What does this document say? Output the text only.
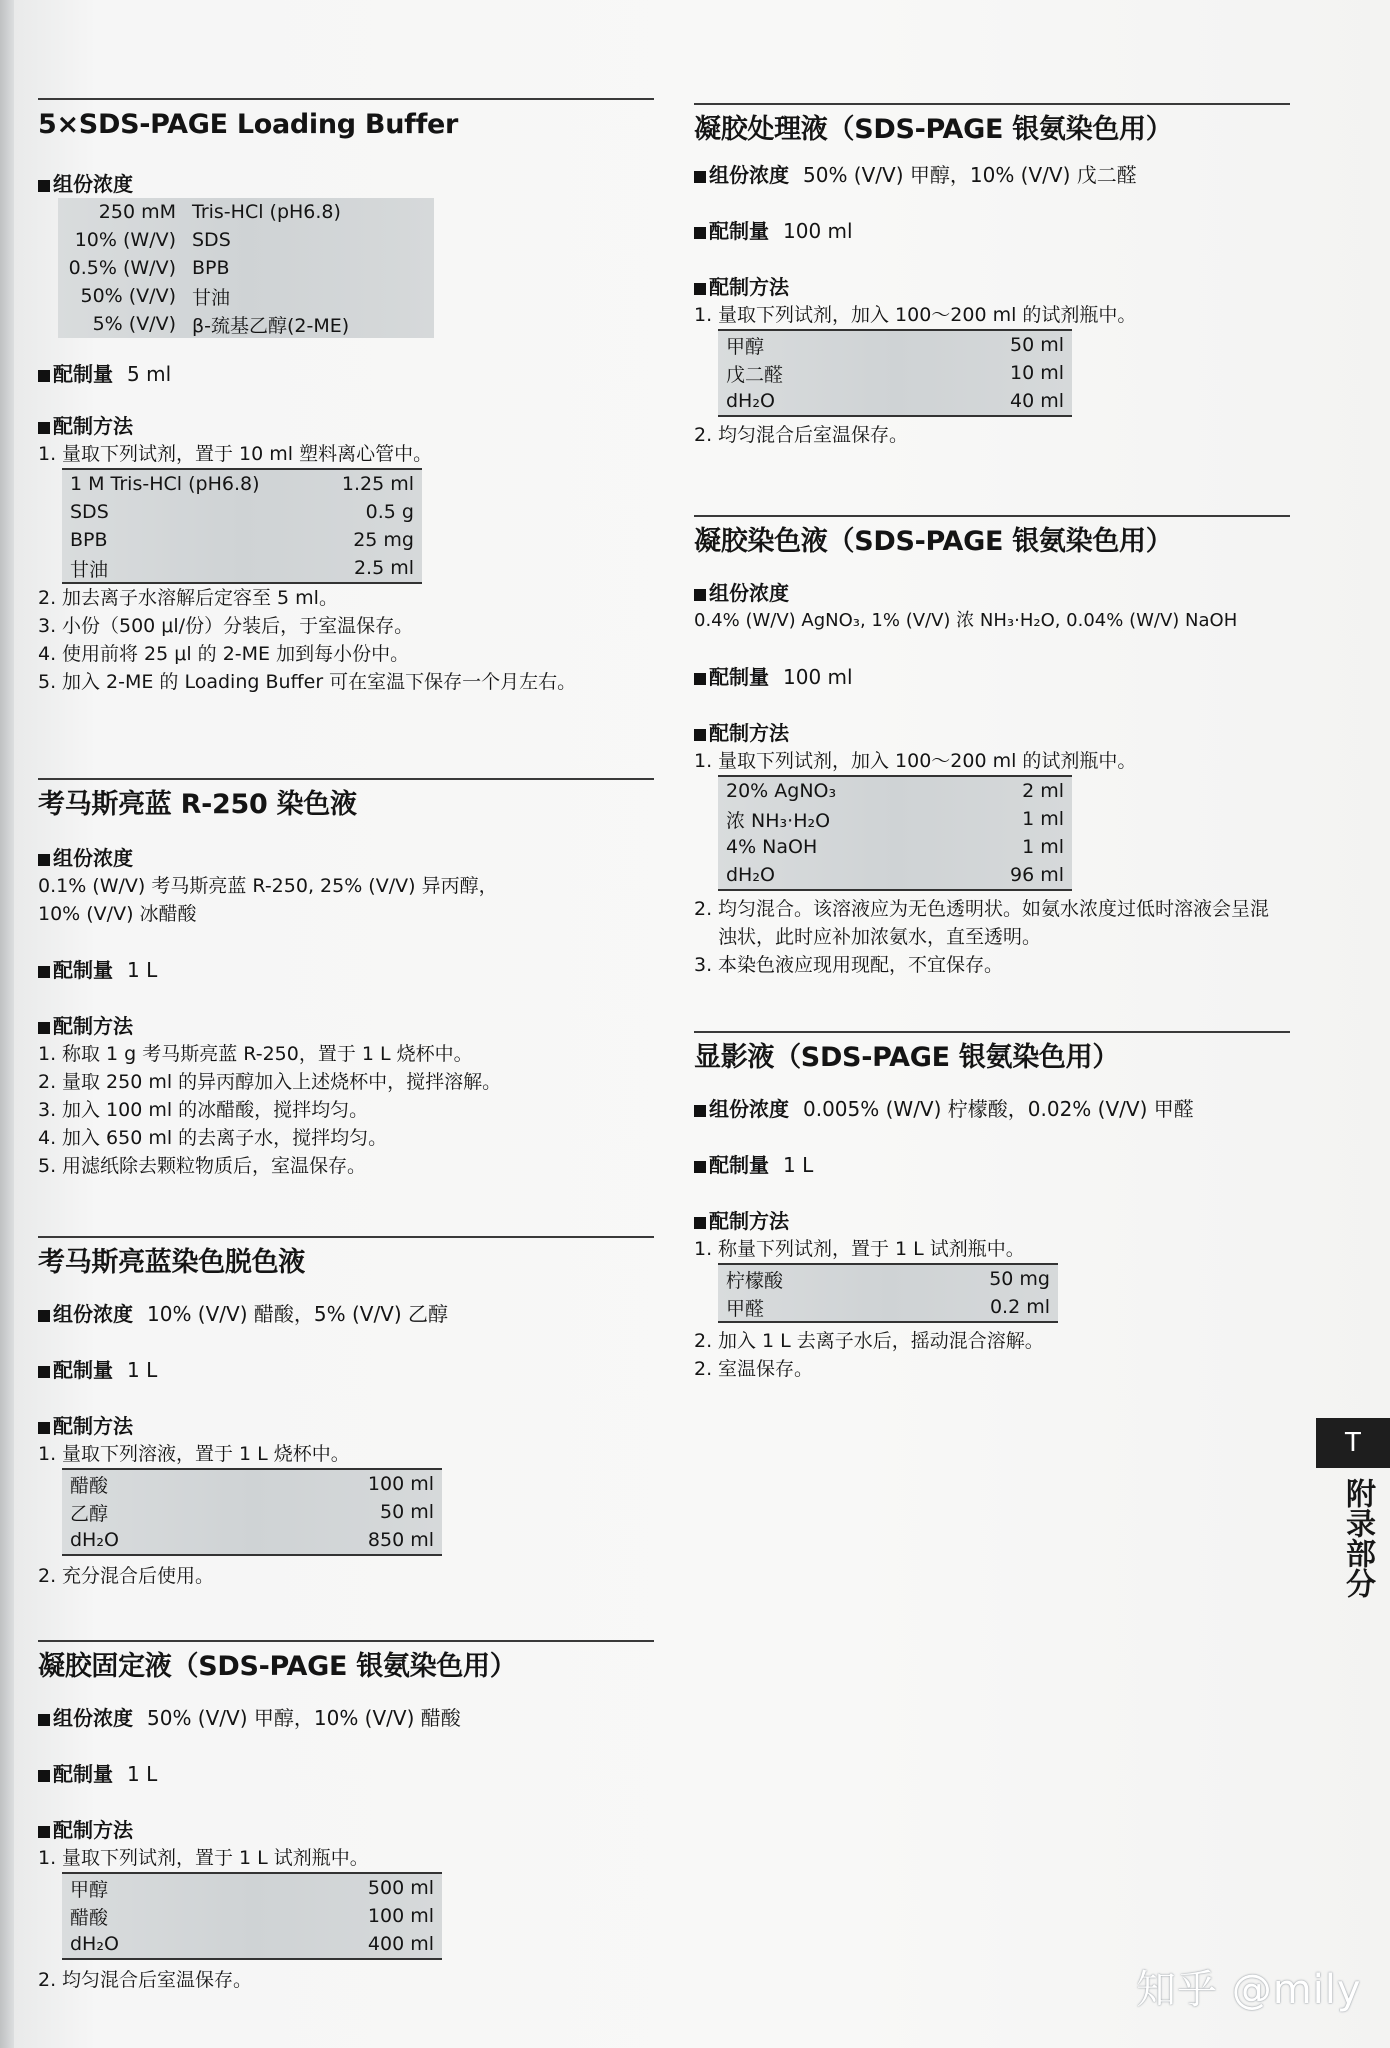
5×SDS-PAGE Loading Buffer
组份浓度
250 mM	Tris-HCl (pH6.8)
10% (W/V)	SDS
0.5% (W/V)	BPB
50% (V/V)	甘油
5% (V/V)	β-巯基乙醇(2-ME)
配制量 5 ml
配制方法
1. 量取下列试剂，置于 10 ml 塑料离心管中。
1 M Tris-HCl (pH6.8)	1.25 ml
SDS	0.5 g
BPB	25 mg
甘油	2.5 ml
2. 加去离子水溶解后定容至 5 ml。
3. 小份（500 μl/份）分装后，于室温保存。
4. 使用前将 25 μl 的 2-ME 加到每小份中。
5. 加入 2-ME 的 Loading Buffer 可在室温下保存一个月左右。
考马斯亮蓝 R-250 染色液
组份浓度
0.1% (W/V) 考马斯亮蓝 R-250, 25% (V/V) 异丙醇，
10% (V/V) 冰醋酸
配制量 1 L
配制方法
1. 称取 1 g 考马斯亮蓝 R-250，置于 1 L 烧杯中。
2. 量取 250 ml 的异丙醇加入上述烧杯中，搅拌溶解。
3. 加入 100 ml 的冰醋酸，搅拌均匀。
4. 加入 650 ml 的去离子水，搅拌均匀。
5. 用滤纸除去颗粒物质后，室温保存。
考马斯亮蓝染色脱色液
组份浓度 10% (V/V) 醋酸，5% (V/V) 乙醇
配制量 1 L
配制方法
1. 量取下列溶液，置于 1 L 烧杯中。
醋酸	100 ml
乙醇	50 ml
dH₂O	850 ml
2. 充分混合后使用。
凝胶固定液（SDS-PAGE 银氨染色用）
组份浓度 50% (V/V) 甲醇，10% (V/V) 醋酸
配制量 1 L
配制方法
1. 量取下列试剂，置于 1 L 试剂瓶中。
甲醇	500 ml
醋酸	100 ml
dH₂O	400 ml
2. 均匀混合后室温保存。
凝胶处理液（SDS-PAGE 银氨染色用）
组份浓度 50% (V/V) 甲醇，10% (V/V) 戊二醛
配制量 100 ml
配制方法
1. 量取下列试剂，加入 100～200 ml 的试剂瓶中。
甲醇	50 ml
戊二醛	10 ml
dH₂O	40 ml
2. 均匀混合后室温保存。
凝胶染色液（SDS-PAGE 银氨染色用）
组份浓度
0.4% (W/V) AgNO₃, 1% (V/V) 浓 NH₃·H₂O, 0.04% (W/V) NaOH
配制量 100 ml
配制方法
1. 量取下列试剂，加入 100～200 ml 的试剂瓶中。
20% AgNO₃	2 ml
浓 NH₃·H₂O	1 ml
4% NaOH	1 ml
dH₂O	96 ml
2. 均匀混合。该溶液应为无色透明状。如氨水浓度过低时溶液会呈混
浊状，此时应补加浓氨水，直至透明。
3. 本染色液应现用现配，不宜保存。
显影液（SDS-PAGE 银氨染色用）
组份浓度 0.005% (W/V) 柠檬酸，0.02% (V/V) 甲醛
配制量 1 L
配制方法
1. 称量下列试剂，置于 1 L 试剂瓶中。
柠檬酸	50 mg
甲醛	0.2 ml
2. 加入 1 L 去离子水后，摇动混合溶解。
2. 室温保存。
T
附录部分
知乎 @mily
